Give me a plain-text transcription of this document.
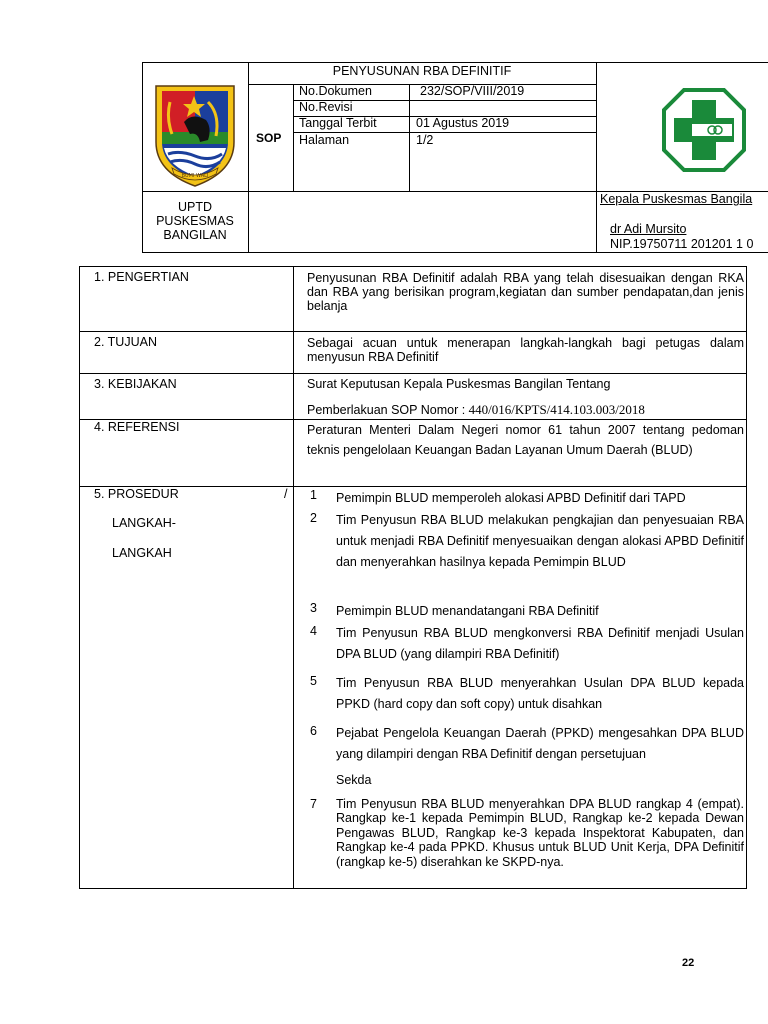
PENYUSUNAN RBA DEFINITIF
SOP
No.Dokumen	232/SOP/VIII/2019
No.Revisi
Tanggal Terbit	01 Agustus 2019
Halaman	1/2
UPTD
PUSKESMAS
BANGILAN
Kepala Puskesmas Bangila
dr Adi Mursito
NIP.19750711 201201 1 0
BUMI WALI
1. PENGERTIAN	Penyusunan RBA Definitif adalah RBA yang telah disesuaikan dengan RKA dan RBA yang berisikan program,kegiatan dan sumber pendapatan,dan jenis belanja
2. TUJUAN	Sebagai acuan untuk menerapan langkah-langkah bagi petugas dalam menyusun RBA Definitif
3. KEBIJAKAN	Surat Keputusan Kepala Puskesmas Bangilan Tentang
Pemberlakuan SOP Nomor : 440/016/KPTS/414.103.003/2018
4. REFERENSI	Peraturan Menteri Dalam Negeri nomor 61 tahun 2007 tentang pedoman teknis pengelolaan Keuangan Badan Layanan Umum Daerah (BLUD)
5. PROSEDUR	/
LANGKAH-
LANGKAH
1 Pemimpin BLUD memperoleh alokasi APBD Definitif dari TAPD
2 Tim Penyusun RBA BLUD melakukan pengkajian dan penyesuaian RBA untuk menjadi RBA Definitif menyesuaikan dengan alokasi APBD Definitif dan menyerahkan hasilnya kepada Pemimpin BLUD
3 Pemimpin BLUD menandatangani RBA Definitif
4 Tim Penyusun RBA BLUD mengkonversi RBA Definitif menjadi Usulan DPA BLUD (yang dilampiri RBA Definitif)
5 Tim Penyusun RBA BLUD menyerahkan Usulan DPA BLUD kepada PPKD (hard copy dan soft copy) untuk disahkan
6 Pejabat Pengelola Keuangan Daerah (PPKD) mengesahkan DPA BLUD yang dilampiri dengan RBA Definitif dengan persetujuan
Sekda
7 Tim Penyusun RBA BLUD menyerahkan DPA BLUD rangkap 4 (empat). Rangkap ke-1 kepada Pemimpin BLUD, Rangkap ke-2 kepada Dewan Pengawas BLUD, Rangkap ke-3 kepada Inspektorat Kabupaten, dan Rangkap ke-4 pada PPKD. Khusus untuk BLUD Unit Kerja, DPA Definitif (rangkap ke-5) diserahkan ke SKPD-nya.
22
